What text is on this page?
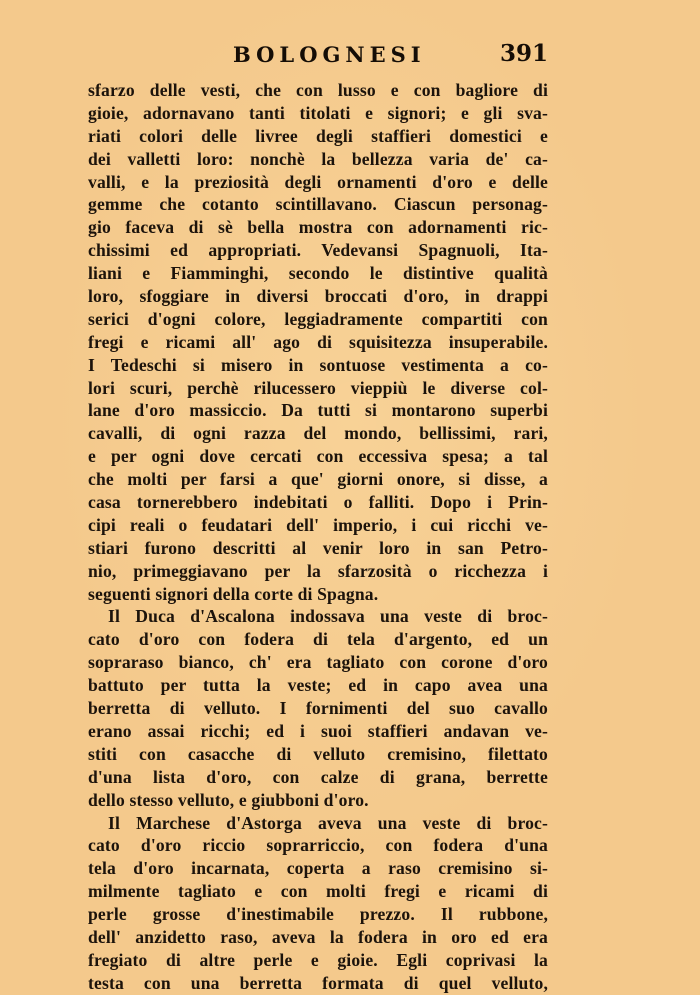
BOLOGNESI	391
sfarzo delle vesti, che con lusso e con bagliore di
gioie, adornavano tanti titolati e signori; e gli sva-
riati colori delle livree degli staffieri domestici e
dei valletti loro: nonchè la bellezza varia de' ca-
valli, e la preziosità degli ornamenti d'oro e delle
gemme che cotanto scintillavano. Ciascun personag-
gio faceva di sè bella mostra con adornamenti ric-
chissimi ed appropriati. Vedevansi Spagnuoli, Ita-
liani e Fiamminghi, secondo le distintive qualità
loro, sfoggiare in diversi broccati d'oro, in drappi
serici d'ogni colore, leggiadramente compartiti con
fregi e ricami all' ago di squisitezza insuperabile.
I Tedeschi si misero in sontuose vestimenta a co-
lori scuri, perchè rilucessero vieppiù le diverse col-
lane d'oro massiccio. Da tutti si montarono superbi
cavalli, di ogni razza del mondo, bellissimi, rari,
e per ogni dove cercati con eccessiva spesa; a tal
che molti per farsi a que' giorni onore, si disse, a
casa tornerebbero indebitati o falliti. Dopo i Prin-
cipi reali o feudatari dell' imperio, i cui ricchi ve-
stiari furono descritti al venir loro in san Petro-
nio, primeggiavano per la sfarzosità o ricchezza i
seguenti signori della corte di Spagna.
Il Duca d'Ascalona indossava una veste di broc-
cato d'oro con fodera di tela d'argento, ed un
sopraraso bianco, ch' era tagliato con corone d'oro
battuto per tutta la veste; ed in capo avea una
berretta di velluto. I fornimenti del suo cavallo
erano assai ricchi; ed i suoi staffieri andavan ve-
stiti con casacche di velluto cremisino, filettato
d'una lista d'oro, con calze di grana, berrette
dello stesso velluto, e giubboni d'oro.
Il Marchese d'Astorga aveva una veste di broc-
cato d'oro riccio soprarriccio, con fodera d'una
tela d'oro incarnata, coperta a raso cremisino si-
milmente tagliato e con molti fregi e ricami di
perle grosse d'inestimabile prezzo. Il rubbone,
dell' anzidetto raso, aveva la fodera in oro ed era
fregiato di altre perle e gioie. Egli coprivasi la
testa con una berretta formata di quel velluto,
